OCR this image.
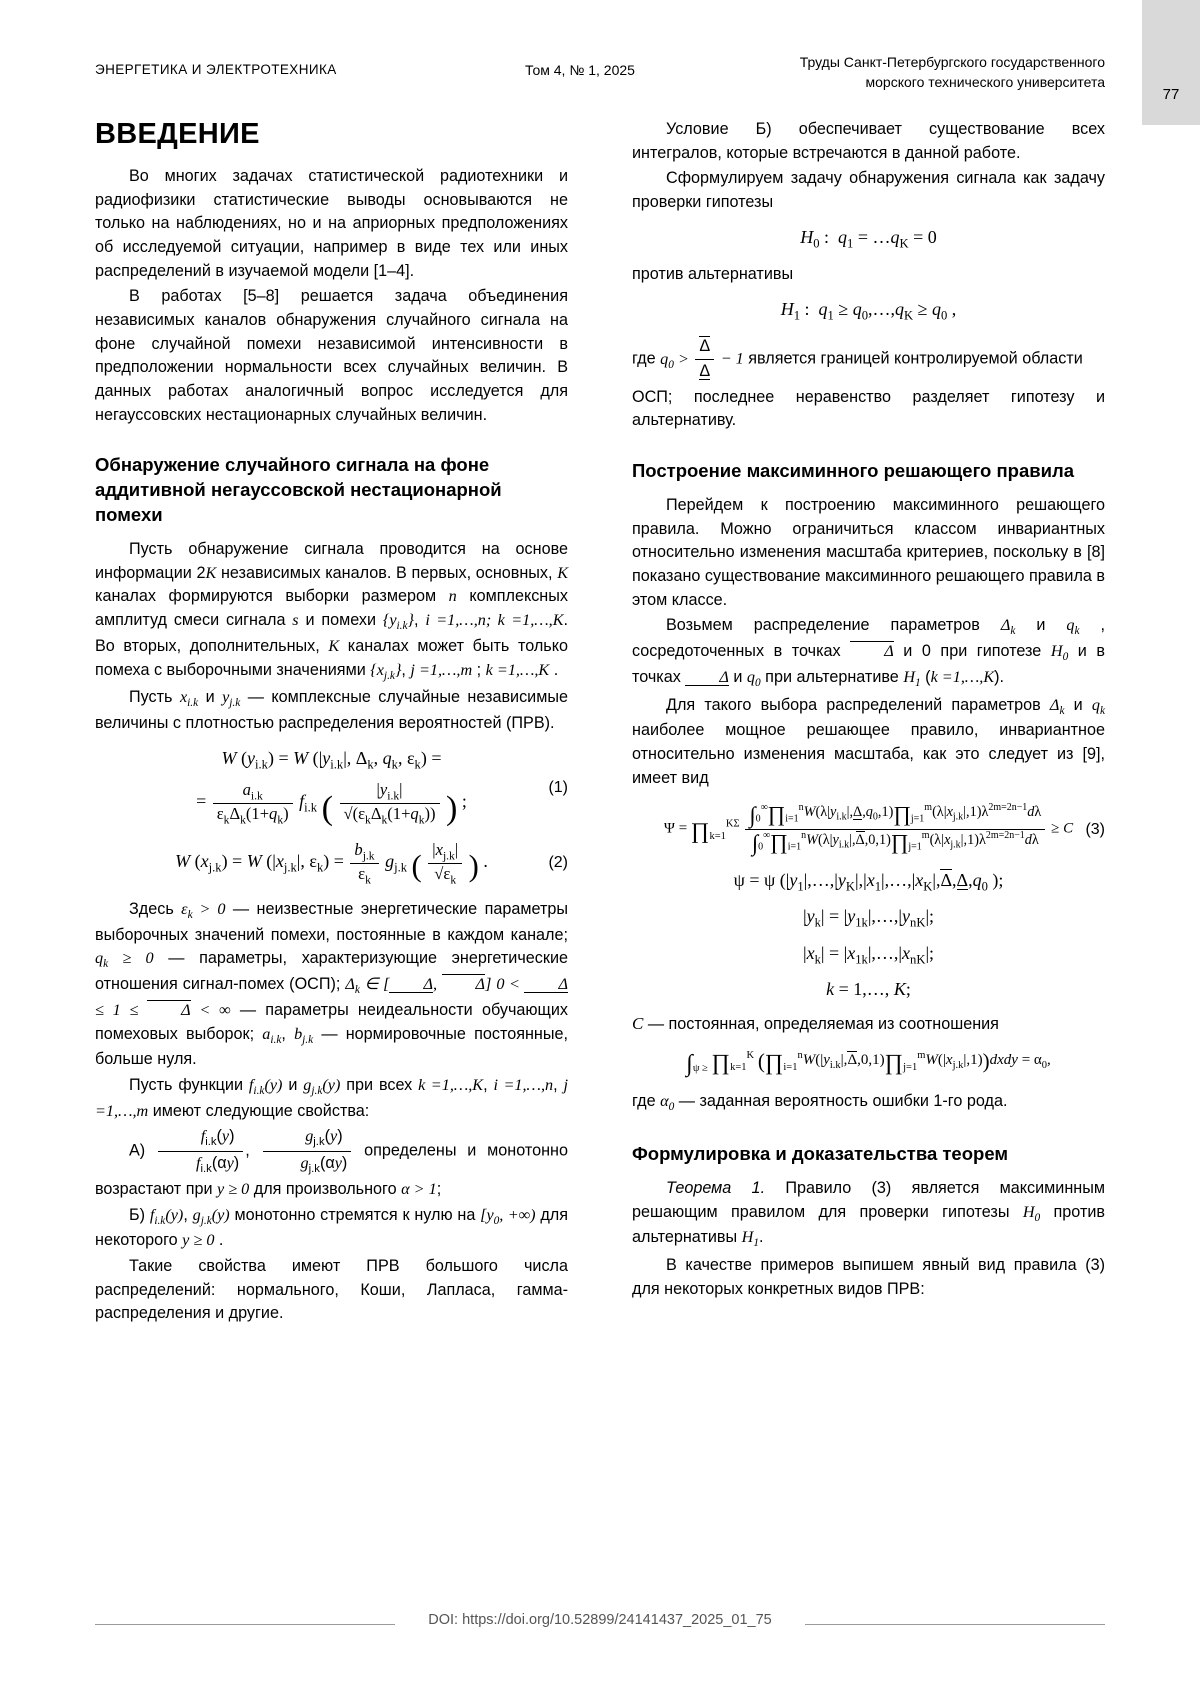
77
ЭНЕРГЕТИКА И ЭЛЕКТРОТЕХНИКА	Том 4, № 1, 2025	Труды Санкт-Петербургского государственного
морского технического университета
ВВЕДЕНИЕ

Во многих задачах статистической радиотехники и радиофизики статистические выводы основываются не только на наблюдениях, но и на априорных предположениях об исследуемой ситуации, например в виде тех или иных распределений в изучаемой модели [1–4].

В работах [5–8] решается задача объединения независимых каналов обнаружения случайного сигнала на фоне случайной помехи независимой интенсивности в предположении нормальности всех случайных величин. В данных работах аналогичный вопрос исследуется для негауссовских нестационарных случайных величин.

Обнаружение случайного сигнала на фоне аддитивной негауссовской нестационарной помехи

Пусть обнаружение сигнала проводится на основе информации 2K независимых каналов. В первых, основных, K каналах формируются выборки размером n комплексных амплитуд смеси сигнала s и помехи $\{y_{i.k}\}$, i =1,…,n; k =1,…,K. Во вторых, дополнительных, K каналах может быть только помеха с выборочными значениями $\{x_{j.k}\}$, j =1,…,m ; k =1,…,K .

Пусть $x_{i.k}$ и $y_{j.k}$ — комплексные случайные независимые величины с плотностью распределения вероятностей (ПРВ).

W $(y_{i.k}) = W$ ($|y_{i.k}|$, $\Delta_k$, $q_k$, $\varepsilon_k$) =
= $\frac{a_{i.k}}{\varepsilon_k\Delta_k(1+q_k)} f_{i.k}$ ( $\frac{|y_{i.k}|}{√(\varepsilon_k\Delta_k(1+q_k))}$ ) ;
(1)
W $(x_{j.k}) = W$ ($|x_{j.k}|$, $\varepsilon_k) = \frac{b_{j.k}}{\varepsilon_k} g_{j.k}$ ( $\frac{|x_{j.k}|}{√\varepsilon_k}$ ) .	(2)

Здесь $\varepsilon_k > 0$ — неизвестные энергетические параметры выборочных значений помехи, постоянные в каждом канале; $q_k \ge 0$ — параметры, характеризующие энергетические отношения сигнал-помех (ОСП); $\Delta_k$ ∈ [ Δ, Δ] 0 < Δ ≤ 1 ≤ Δ < ∞ — параметры неидеальности обучающих помеховых выборок; $a_{i.k}$, $b_{j.k}$ — нормировочные постоянные, больше нуля.

Пусть функции $f_{i.k}(y)$ и $g_{j.k}(y)$ при всех k =1,…,K, i =1,…,n, j =1,…,m имеют следующие свойства:

$А) \frac{f_{i.k}(y)}{f_{i.k}(\alpha y)}$ , $\frac{g_{j.k}(y)}{g_{j.k}(\alpha y)}$ определены и монотонно возрастают при y ≥ 0 для произвольного α > 1;

Б) $f_{i.k}(y)$, $g_{j.k}(y)$ монотонно стремятся к нулю на [$y_0$, +∞) для некоторого y ≥ 0 .

Такие свойства имеют ПРВ большого числа распределений: нормального, Коши, Лапласа, гамма-распределения и другие.

Условие Б) обеспечивает существование всех интегралов, которые встречаются в данной работе.

Сформулируем задачу обнаружения сигнала как задачу проверки гипотезы

$H_0$ :  $q_1$ = $\dots q_K = 0$

против альтернативы

$H_1$ :  $q_1$ ≥ $q_0,\dots,q_K \ge q_0$ ,

где $q_0 > \frac{\Delta}{\Delta} - 1$ является границей контролируемой области

ОСП; последнее неравенство разделяет гипотезу и альтернативу.

Построение максиминного решающего правила

Перейдем к построению максиминного решающего правила. Можно ограничиться классом инвариантных относительно изменения масштаба критериев, поскольку в [8] показано существование максиминного решающего правила в этом классе.

Возьмем распределение параметров $\Delta_k$ и $q_k$ , сосредоточенных в точках Δ и 0 при гипотезе $H_0$ и в точках Δ и $q_0$ при альтернативе $H_1$ (k =1,…,K).

Для такого выбора распределений параметров $\Delta_k$ и $q_k$ наиболее мощное решающее правило, инвариантное относительно изменения масштаба, как это следует из [9], имеет вид

$\Psi = \prod_{k=1}^{K\Sigma} \frac{\int_0^\infty\prod_{i=1}^nW(\lambda|y_{i.k}|,\Delta,q_0,1)\prod_{j=1}^m(\lambda|x_{j.k}|,1)\lambda^{2m=2n-1}d\lambda}{\int_0^\infty\prod_{i=1}^nW(\lambda|y_{i.k}|,\Delta,0,1)\prod_{j=1}^m(\lambda|x_{j.k}|,1)\lambda^{2m=2n-1}d\lambda} \ge C$ (3)
ψ = ψ ($|y_1|,\dots,|y_K|,|x_1|,\dots,|x_K|,\Delta,\Delta,q_0$ );
$|y_k|$ = $|y_{1k}|,\dots,|y_{nK}|$;
$|x_k|$ = $|x_{1k}|,\dots,|x_{nK}|$;
k = 1,…, K;

C — постоянная, определяемая из соотношения

$\int_{\psi \ge}$ $\prod_{k=1}^K$ $(\prod_{i=1}^nW(|y_{i.k}|,\Delta,0,1)\prod_{j=1}^mW(|x_{j.k}|,1))dxdy = \alpha_0$,

где $\alpha_0$ — заданная вероятность ошибки 1-го рода.

Формулировка и доказательства теорем

Теорема 1. Правило (3) является максиминным решающим правилом для проверки гипотезы $H_0$ против альтернативы $H_1$.

В качестве примеров выпишем явный вид правила (3) для некоторых конкретных видов ПРВ:

DOI: https://doi.org/10.52899/24141437_2025_01_75
